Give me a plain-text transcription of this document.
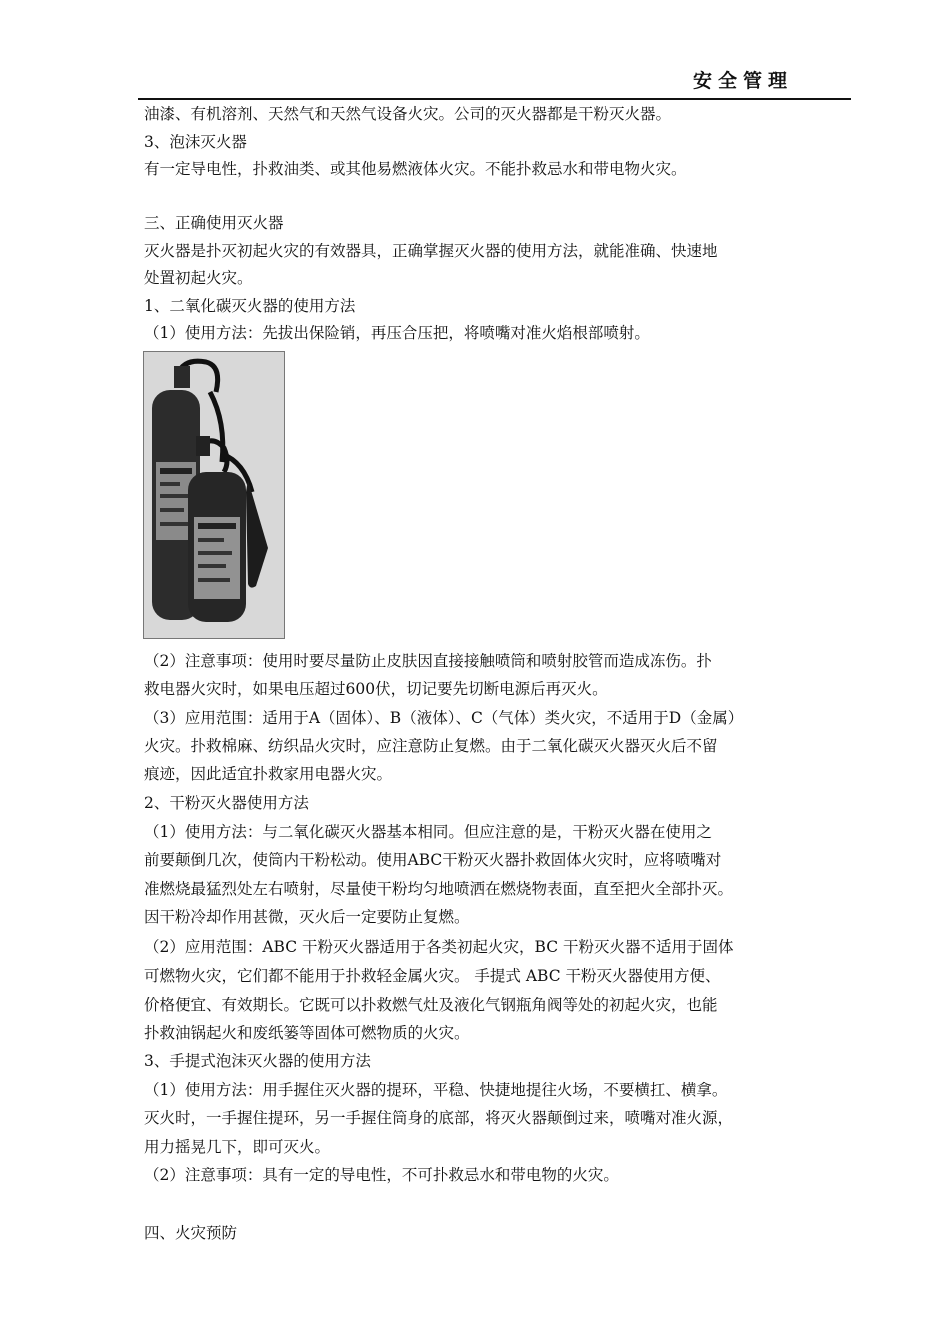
安全管理
油漆、有机溶剂、天然气和天然气设备火灾。公司的灭火器都是干粉灭火器。
3、泡沫灭火器
有一定导电性，扑救油类、或其他易燃液体火灾。不能扑救忌水和带电物火灾。
三、正确使用灭火器
灭火器是扑灭初起火灾的有效器具，正确掌握灭火器的使用方法，就能准确、快速地
处置初起火灾。
1、二氧化碳灭火器的使用方法
（1）使用方法：先拔出保险销，再压合压把，将喷嘴对准火焰根部喷射。
（2）注意事项：使用时要尽量防止皮肤因直接接触喷筒和喷射胶管而造成冻伤。扑
救电器火灾时，如果电压超过600伏，切记要先切断电源后再灭火。
（3）应用范围：适用于A（固体）、B（液体）、C（气体）类火灾，不适用于D（金属）
火灾。扑救棉麻、纺织品火灾时，应注意防止复燃。由于二氧化碳灭火器灭火后不留
痕迹，因此适宜扑救家用电器火灾。
2、干粉灭火器使用方法
（1）使用方法：与二氧化碳灭火器基本相同。但应注意的是，干粉灭火器在使用之
前要颠倒几次，使筒内干粉松动。使用ABC干粉灭火器扑救固体火灾时，应将喷嘴对
准燃烧最猛烈处左右喷射，尽量使干粉均匀地喷洒在燃烧物表面，直至把火全部扑灭。
因干粉冷却作用甚微，灭火后一定要防止复燃。
（2）应用范围：ABC 干粉灭火器适用于各类初起火灾，BC 干粉灭火器不适用于固体
可燃物火灾，它们都不能用于扑救轻金属火灾。 手提式 ABC 干粉灭火器使用方便、
价格便宜、有效期长。它既可以扑救燃气灶及液化气钢瓶角阀等处的初起火灾，也能
扑救油锅起火和废纸篓等固体可燃物质的火灾。
3、手提式泡沫灭火器的使用方法
（1）使用方法：用手握住灭火器的提环，平稳、快捷地提往火场，不要横扛、横拿。
灭火时，一手握住提环，另一手握住筒身的底部，将灭火器颠倒过来，喷嘴对准火源，
用力摇晃几下，即可灭火。
（2）注意事项：具有一定的导电性，不可扑救忌水和带电物的火灾。
四、火灾预防
